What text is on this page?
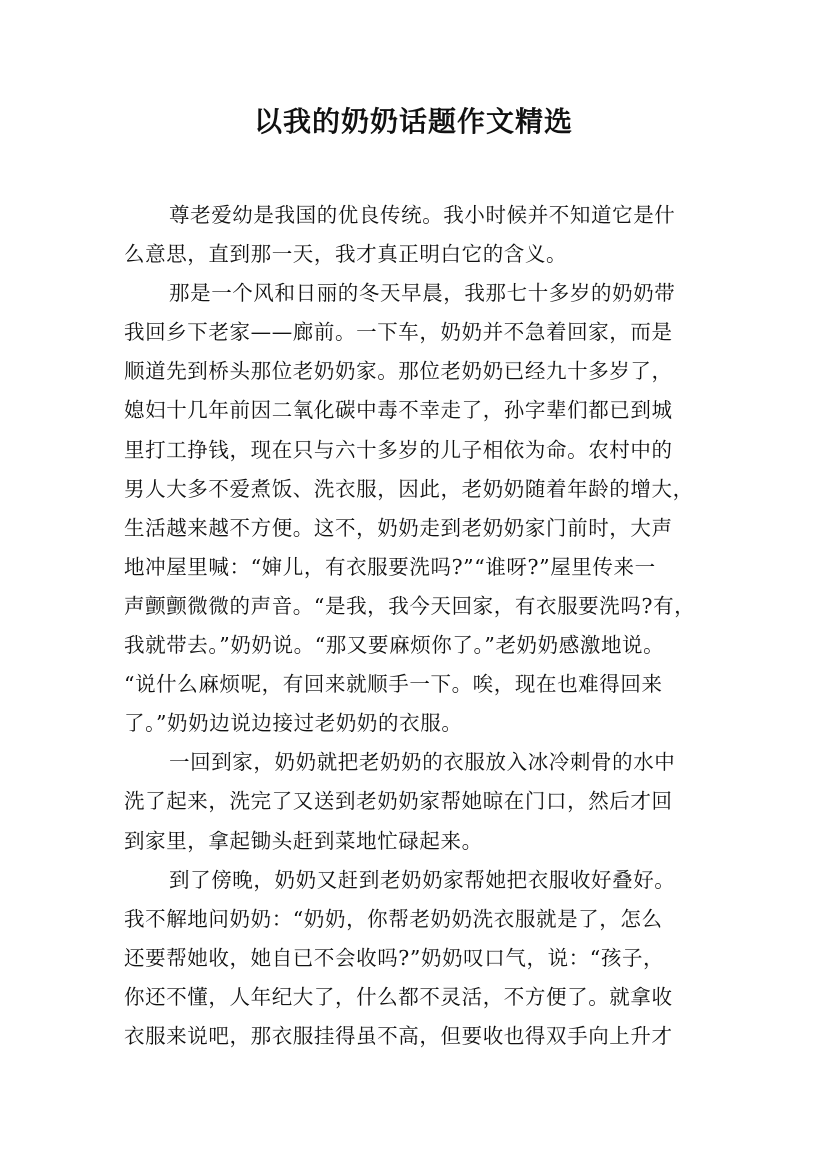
以我的奶奶话题作文精选
尊老爱幼是我国的优良传统。我小时候并不知道它是什
么意思，直到那一天，我才真正明白它的含义。
那是一个风和日丽的冬天早晨，我那七十多岁的奶奶带
我回乡下老家——廊前。一下车，奶奶并不急着回家，而是
顺道先到桥头那位老奶奶家。那位老奶奶已经九十多岁了，
媳妇十几年前因二氧化碳中毒不幸走了，孙字辈们都已到城
里打工挣钱，现在只与六十多岁的儿子相依为命。农村中的
男人大多不爱煮饭、洗衣服，因此，老奶奶随着年龄的增大，
生活越来越不方便。这不，奶奶走到老奶奶家门前时，大声
地冲屋里喊：“婶儿，有衣服要洗吗?”“谁呀?”屋里传来一
声颤颤微微的声音。“是我，我今天回家，有衣服要洗吗?有，
我就带去。”奶奶说。“那又要麻烦你了。”老奶奶感激地说。
“说什么麻烦呢，有回来就顺手一下。唉，现在也难得回来
了。”奶奶边说边接过老奶奶的衣服。
一回到家，奶奶就把老奶奶的衣服放入冰冷刺骨的水中
洗了起来，洗完了又送到老奶奶家帮她晾在门口，然后才回
到家里，拿起锄头赶到菜地忙碌起来。
到了傍晚，奶奶又赶到老奶奶家帮她把衣服收好叠好。
我不解地问奶奶：“奶奶，你帮老奶奶洗衣服就是了，怎么
还要帮她收，她自已不会收吗?”奶奶叹口气，说：“孩子，
你还不懂，人年纪大了，什么都不灵活，不方便了。就拿收
衣服来说吧，那衣服挂得虽不高，但要收也得双手向上升才
